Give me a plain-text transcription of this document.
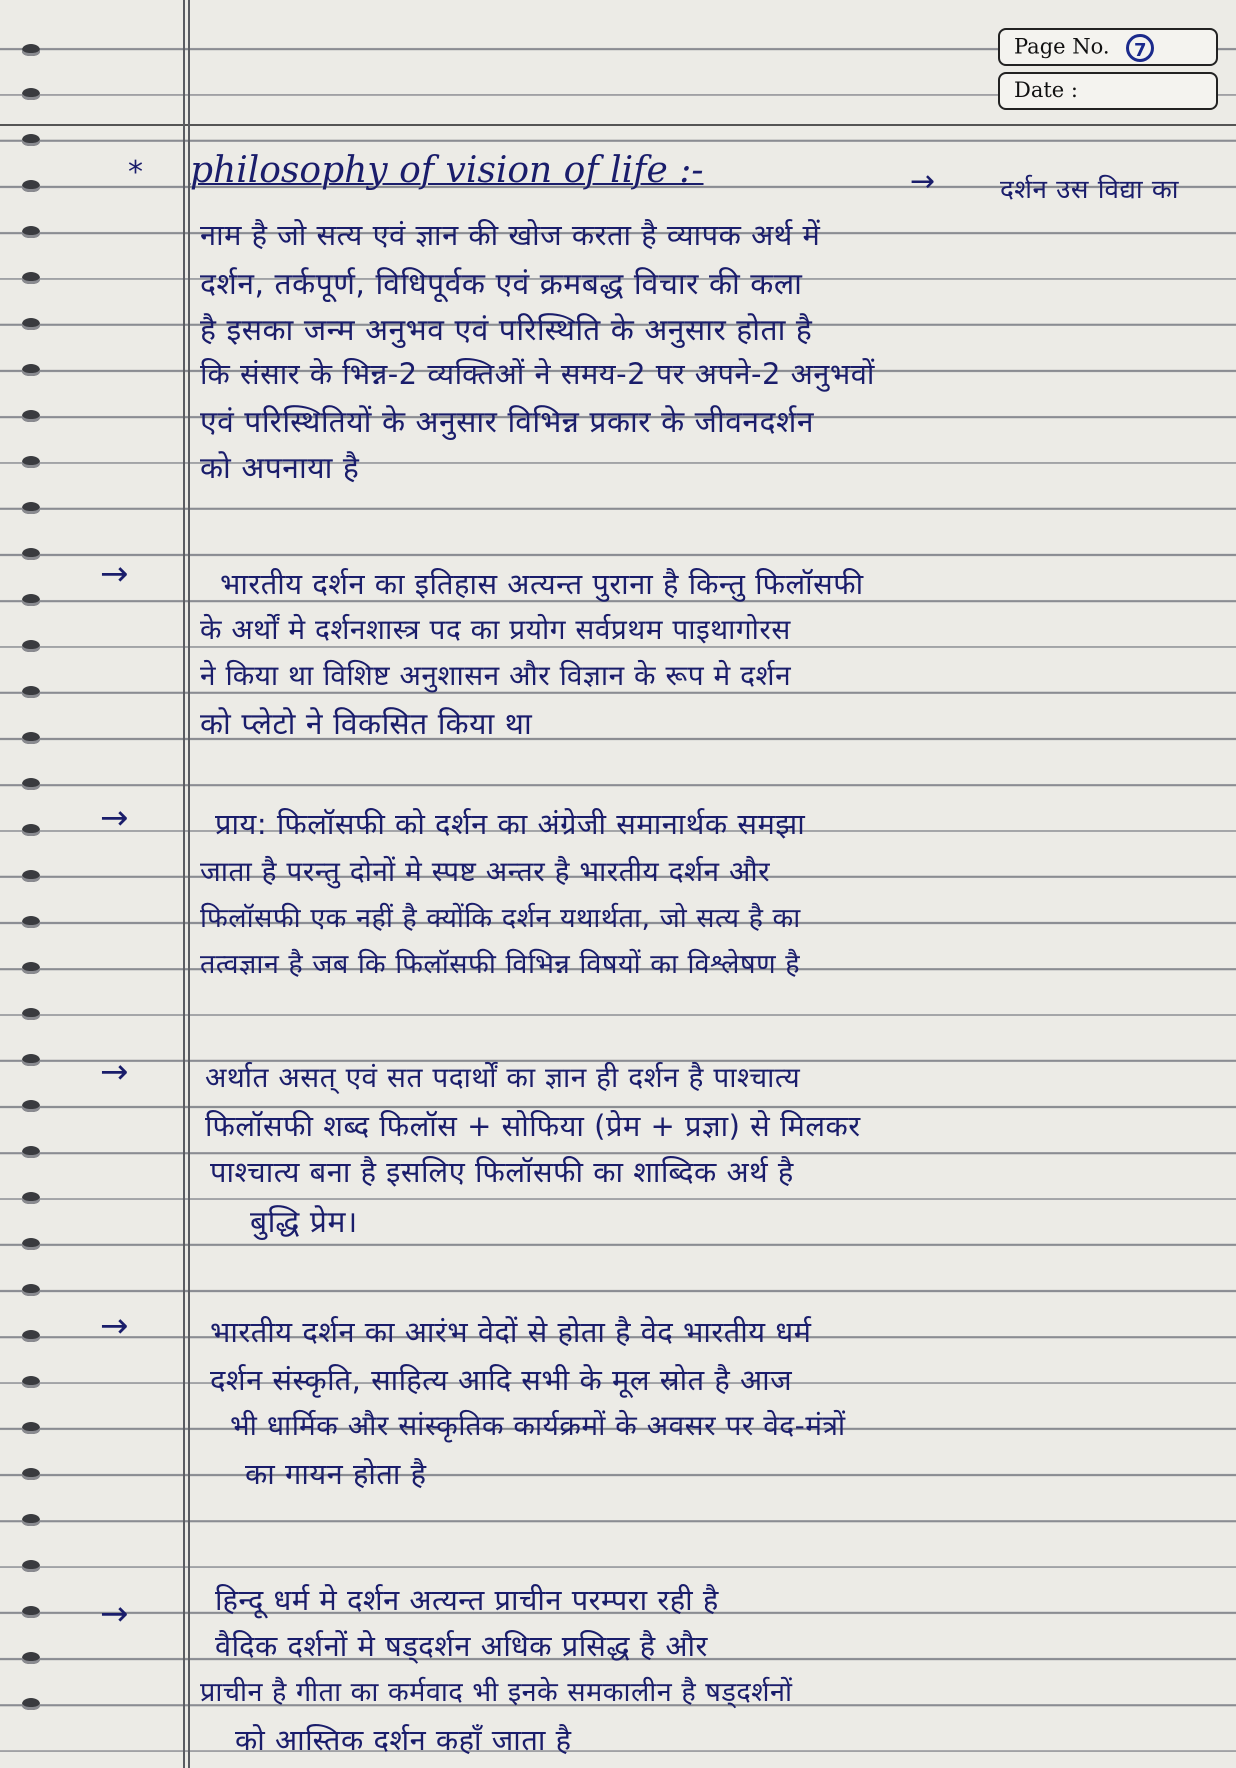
Page No. 7
Date :
* philosophy of vision of life :-	→ दर्शन उस विद्या का
नाम है जो सत्य एवं ज्ञान की खोज करता है व्यापक अर्थ में
दर्शन, तर्कपूर्ण, विधिपूर्वक एवं क्रमबद्ध विचार की कला
है इसका जन्म अनुभव एवं परिस्थिति के अनुसार होता है
कि संसार के भिन्न-2 व्यक्तिओं ने समय-2 पर अपने-2 अनुभवों
एवं परिस्थितियों के अनुसार विभिन्न प्रकार के जीवनदर्शन
को अपनाया है
→	भारतीय दर्शन का इतिहास अत्यन्त पुराना है किन्तु फिलॉसफी
के अर्थों मे दर्शनशास्त्र पद का प्रयोग सर्वप्रथम पाइथागोरस
ने किया था विशिष्ट अनुशासन और विज्ञान के रूप मे दर्शन
को प्लेटो ने विकसित किया था
→	प्राय: फिलॉसफी को दर्शन का अंग्रेजी समानार्थक समझा
जाता है परन्तु दोनों मे स्पष्ट अन्तर है भारतीय दर्शन और
फिलॉसफी एक नहीं है क्योंकि दर्शन यथार्थता, जो सत्य है का
तत्वज्ञान है जब कि फिलॉसफी विभिन्न विषयों का विश्लेषण है
→	अर्थात असत् एवं सत पदार्थों का ज्ञान ही दर्शन है पाश्चात्य
फिलॉसफी शब्द फिलॉस + सोफिया (प्रेम + प्रज्ञा) से मिलकर
पाश्चात्य बना है इसलिए फिलॉसफी का शाब्दिक अर्थ है
बुद्धि प्रेम।
→	भारतीय दर्शन का आरंभ वेदों से होता है वेद भारतीय धर्म
दर्शन संस्कृति, साहित्य आदि सभी के मूल स्रोत है आज
भी धार्मिक और सांस्कृतिक कार्यक्रमों के अवसर पर वेद-मंत्रों
का गायन होता है
→	हिन्दू धर्म मे दर्शन अत्यन्त प्राचीन परम्परा रही है
वैदिक दर्शनों मे षड्दर्शन अधिक प्रसिद्ध है और
प्राचीन है गीता का कर्मवाद भी इनके समकालीन है षड्दर्शनों
को आस्तिक दर्शन कहाँ जाता है
